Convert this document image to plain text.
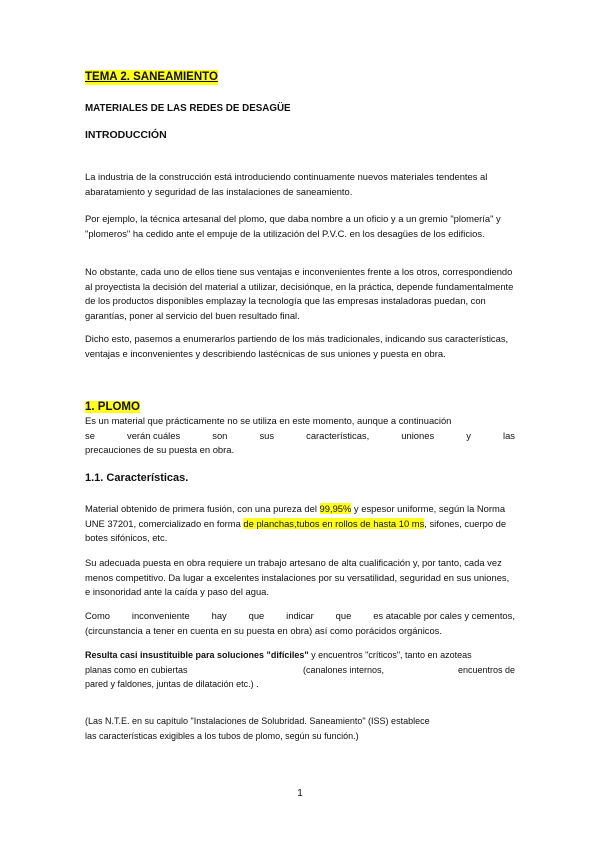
TEMA 2. SANEAMIENTO
MATERIALES DE LAS REDES DE DESAGÜE
INTRODUCCIÓN

La industria de la construcción está introduciendo continuamente nuevos materiales tendentes al abaratamiento y seguridad de las instalaciones de saneamiento.

Por ejemplo, la técnica artesanal del plomo, que daba nombre a un oficio y a un gremio "plomería" y "plomeros" ha cedido ante el empuje de la utilización del P.V.C. en los desagües de los edificios.

No obstante, cada uno de ellos tiene sus ventajas e inconvenientes frente a los otros, correspondiendo al proyectista la decisión del material a utilizar, decisiónque, en la práctica, depende fundamentalmente de los productos disponibles emplazay la tecnología que las empresas instaladoras puedan, con garantías, poner al servicio del buen resultado final.

Dicho esto, pasemos a enumerarlos partiendo de los más tradicionales, indicando sus características, ventajas e inconvenientes y describiendo lastécnicas de sus uniones y puesta en obra.

1. PLOMO
Es un material que prácticamente no se utiliza en este momento, aunque a continuación
se	verán cuáles	son	sus	características,	uniones	y	las
precauciones de su puesta en obra.
1.1. Características.

Material obtenido de primera fusión, con una pureza del 99,95% y espesor uniforme, según la Norma UNE 37201, comercializado en forma de planchas,tubos en rollos de hasta 10 ms, sifones, cuerpo de botes sifónicos, etc.

Su adecuada puesta en obra requiere un trabajo artesano de alta cualificación y, por tanto, cada vez menos competitivo. Da lugar a excelentes instalaciones por su versatilidad, seguridad en sus uniones, e insonoridad ante la caída y paso del agua.

Como inconveniente hay que indicar que es atacable por cales y cementos,
(circunstancia a tener en cuenta en su puesta en obra) así como porácidos orgánicos.
Resulta casi insustituible para soluciones "difíciles" y encuentros "críticos", tanto en azoteas
planas como en cubiertas	(canalones internos,	encuentros de
pared y faldones, juntas de dilatación etc.) .
(Las N.T.E. en su capítulo "Instalaciones de Solubridad. Saneamiento" (ISS) establece
las características exigibles a los tubos de plomo, según su función.)
1
